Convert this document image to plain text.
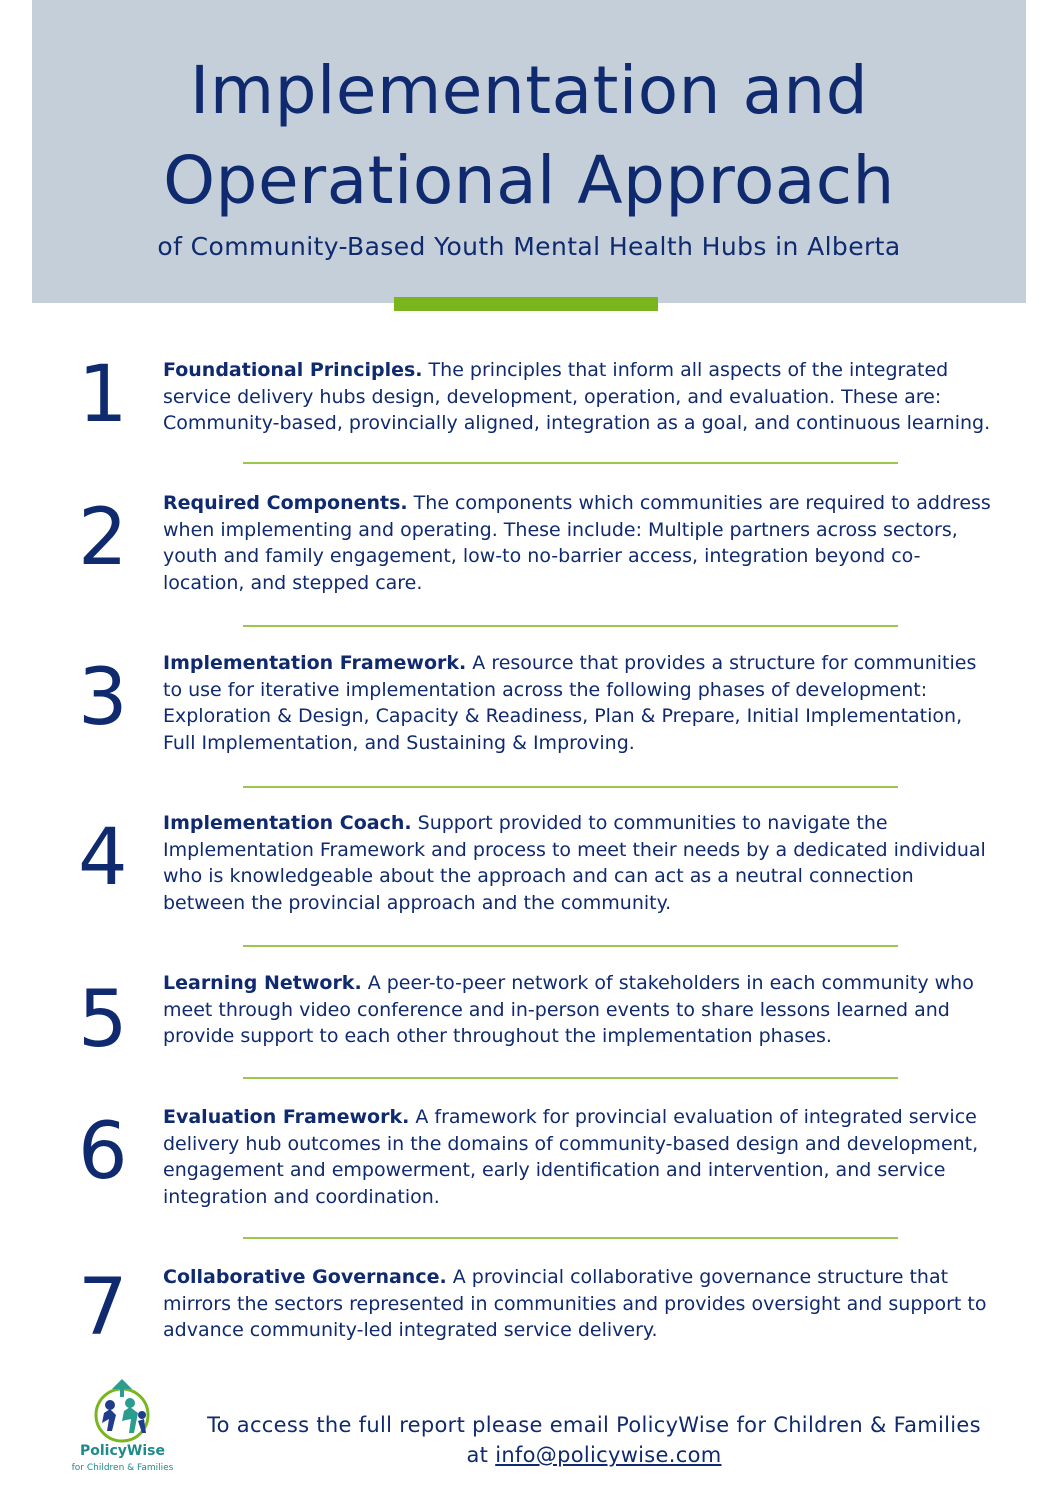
Implementation and
Operational Approach

of Community-Based Youth Mental Health Hubs in Alberta

1	Foundational Principles. The principles that inform all aspects of the integrated service delivery hubs design, development, operation, and evaluation. These are: Community-based, provincially aligned, integration as a goal, and continuous learning.

2	Required Components. The components which communities are required to address when implementing and operating. These include: Multiple partners across sectors, youth and family engagement, low-to no-barrier access, integration beyond co-location, and stepped care.

3	Implementation Framework. A resource that provides a structure for communities to use for iterative implementation across the following phases of development: Exploration & Design, Capacity & Readiness, Plan & Prepare, Initial Implementation, Full Implementation, and Sustaining & Improving.

4	Implementation Coach. Support provided to communities to navigate the Implementation Framework and process to meet their needs by a dedicated individual who is knowledgeable about the approach and can act as a neutral connection between the provincial approach and the community.

5	Learning Network. A peer-to-peer network of stakeholders in each community who meet through video conference and in-person events to share lessons learned and provide support to each other throughout the implementation phases.

6	Evaluation Framework. A framework for provincial evaluation of integrated service delivery hub outcomes in the domains of community-based design and development, engagement and empowerment, early identification and intervention, and service integration and coordination.

7	Collaborative Governance. A provincial collaborative governance structure that mirrors the sectors represented in communities and provides oversight and support to advance community-led integrated service delivery.

PolicyWise
for Children & Families
To access the full report please email PolicyWise for Children & Families
at info@policywise.com
